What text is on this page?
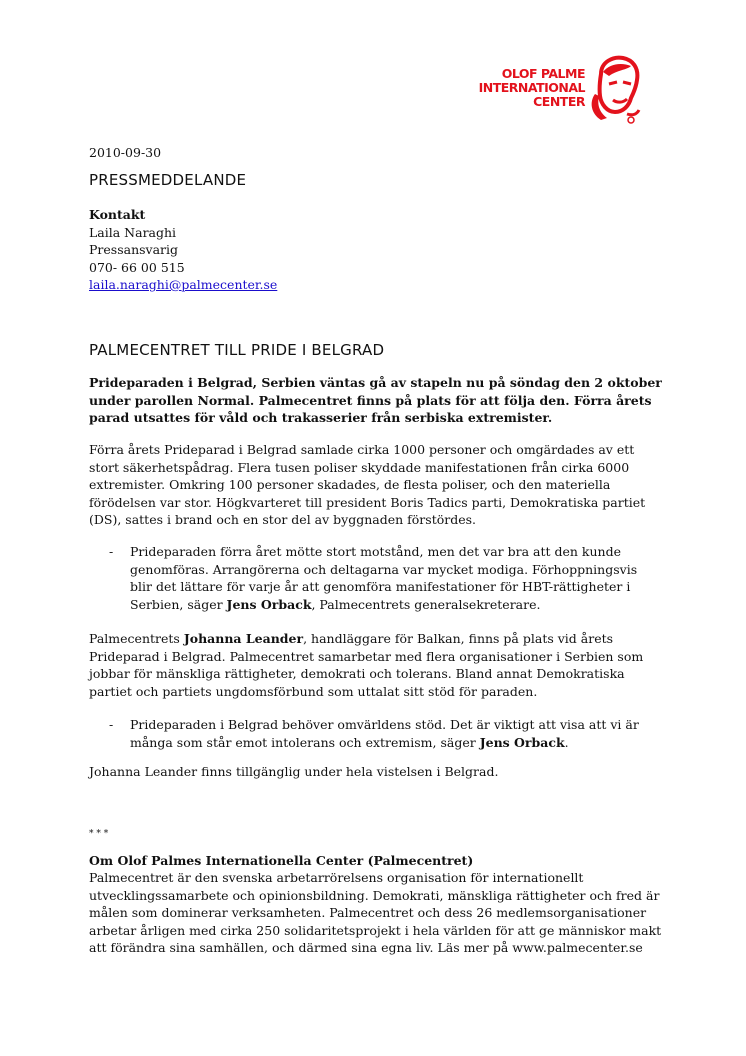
OLOF PALME
INTERNATIONAL
CENTER
2010-09-30
PRESSMEDDELANDE
Kontakt
Laila Naraghi
Pressansvarig
070- 66 00 515
laila.naraghi@palmecenter.se
PALMECENTRET TILL PRIDE I BELGRAD
Prideparaden i Belgrad, Serbien väntas gå av stapeln nu på söndag den 2 oktober under parollen Normal. Palmecentret finns på plats för att följa den. Förra årets parad utsattes för våld och trakasserier från serbiska extremister.
Förra årets Prideparad i Belgrad samlade cirka 1000 personer och omgärdades av ett stort säkerhetspådrag. Flera tusen poliser skyddade manifestationen från cirka 6000 extremister. Omkring 100 personer skadades, de flesta poliser, och den materiella förödelsen var stor. Högkvarteret till president Boris Tadics parti, Demokratiska partiet (DS), sattes i brand och en stor del av byggnaden förstördes.
- Prideparaden förra året mötte stort motstånd, men det var bra att den kunde genomföras. Arrangörerna och deltagarna var mycket modiga. Förhoppningsvis blir det lättare för varje år att genomföra manifestationer för HBT-rättigheter i Serbien, säger Jens Orback, Palmecentrets generalsekreterare.
Palmecentrets Johanna Leander, handläggare för Balkan, finns på plats vid årets Prideparad i Belgrad. Palmecentret samarbetar med flera organisationer i Serbien som jobbar för mänskliga rättigheter, demokrati och tolerans. Bland annat Demokratiska partiet och partiets ungdomsförbund som uttalat sitt stöd för paraden.
- Prideparaden i Belgrad behöver omvärldens stöd. Det är viktigt att visa att vi är många som står emot intolerans och extremism, säger Jens Orback.
Johanna Leander finns tillgänglig under hela vistelsen i Belgrad.
* * *
Om Olof Palmes Internationella Center (Palmecentret)
Palmecentret är den svenska arbetarrörelsens organisation för internationellt utvecklingssamarbete och opinionsbildning. Demokrati, mänskliga rättigheter och fred är målen som dominerar verksamheten. Palmecentret och dess 26 medlemsorganisationer arbetar årligen med cirka 250 solidaritetsprojekt i hela världen för att ge människor makt att förändra sina samhällen, och därmed sina egna liv. Läs mer på www.palmecenter.se
